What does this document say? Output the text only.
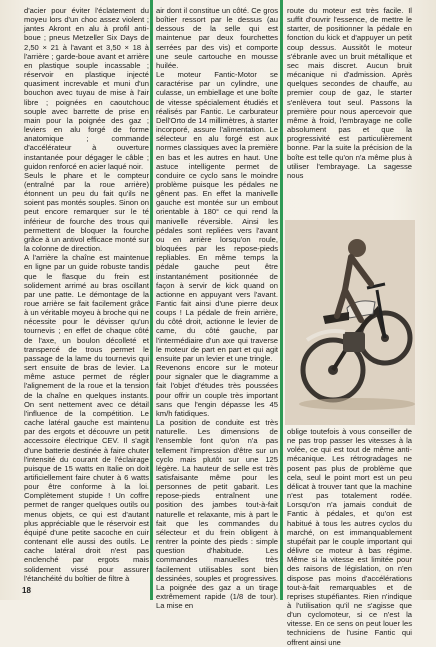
d'acier pour éviter l'éclatement du moyeu lors d'un choc assez violent ; jantes Akront en alu à profil anti-boue ; pneus Metzeller Six Days de 2,50 × 21 à l'avant et 3,50 × 18 à l'arrière ; garde-boue avant et arrière en plastique souple incassable ; réservoir en plastique injecté quasiment increvable et muni d'un bouchon avec tuyau de mise à l'air libre ; poignées en caoutchouc souple avec barrette de prise en main pour la poignée des gaz ; leviers en alu forgé de forme anatomique ; commande d'accélérateur à ouverture instantanée pour dégager le câble ; guidon renforcé en acier laqué noir.

Seuls le phare et le compteur (entraîné par la roue arrière) étonnent un peu du fait qu'ils ne soient pas montés souples. Sinon on peut encore remarquer sur le té inférieur de fourche des trous qui permettent de bloquer la fourche grâce à un antivol efficace monté sur la colonne de direction.

A l'arrière la chaîne est maintenue en ligne par un guide robuste tandis que le flasque du frein est solidement arrimé au bras oscillant par une patte. Le démontage de la roue arrière se fait facilement grâce à un véritable moyeu à broche qui ne nécessite pour le dévisser qu'un tournevis ; en effet de chaque côté de l'axe, un boulon décolleté et transpercé de trous permet le passage de la lame du tournevis qui sert ensuite de bras de levier. La même astuce permet de régler l'alignement de la roue et la tension de la chaîne en quelques instants. On sent nettement avec ce détail l'influence de la compétition. Le cache latéral gauche est maintenu par des ergots et découvre un petit accessoire électrique CEV. Il s'agit d'une batterie destinée à faire chuter l'intensité du courant de l'éclairage puisque de 15 watts en Italie on doit artificiellement faire chuter à 6 watts pour être conforme à la loi. Complètement stupide ! Un coffre permet de ranger quelques outils ou menus objets, ce qui est d'autant plus appréciable que le réservoir est équipé d'une petite sacoche en cuir contenant elle aussi des outils. Le cache latéral droit n'est pas enclenché par ergots mais solidement vissé pour assurer l'étanchéité du boîtier de filtre à

air dont il constitue un côté. Ce gros boîtier ressort par le dessus (au dessous de la selle qui est maintenue par deux fourchettes serrées par des vis) et comporte une seule cartouche en mousse huilée.

Le moteur Fantic-Motor se caractérise par un cylindre, une culasse, un embiellage et une boîte de vitesse spécialement étudiés et réalisés par Fantic. Le carburateur Dell'Orto de 14 millimètres, à starter incorporé, assure l'alimentation. Le sélecteur en alu forgé est aux normes classiques avec la première en bas et les autres en haut. Une astuce intelligente permet de conduire ce cyclo sans le moindre problème puisque les pédales ne gênent pas. En effet la manivelle gauche est montée sur un embout orientable à 180° ce qui rend la manivelle réversible. Ainsi les pédales sont repliées vers l'avant ou en arrière lorsqu'on roule, bloquées par les repose-pieds repliables. En même temps la pédale gauche peut être instantanément positionnée de façon à servir de kick quand on actionne en appuyant vers l'avant. Fantic fait ainsi d'une pierre deux coups ! La pédale de frein arrière, du côté droit, actionne le levier de came, du côté gauche, par l'intermédiaire d'un axe qui traverse le moteur de part en part et qui agit ensuite par un levier et une tringle.

Revenons encore sur le moteur pour signaler que le diagramme a fait l'objet d'études très poussées pour offrir un couple très important sans que l'engin dépasse les 45 km/h fatidiques.

La position de conduite est très naturelle. Les dimensions de l'ensemble font qu'on n'a pas tellement l'impression d'être sur un cyclo mais plutôt sur une 125 légère. La hauteur de selle est très satisfaisante même pour les personnes de petit gabarit. Les repose-pieds entraînent une position des jambes tout-à-fait naturelle et relaxante, mis à part le fait que les commandes du sélecteur et du frein obligent à rentrer la pointe des pieds : simple question d'habitude. Les commandes manuelles très facilement utilisables sont bien dessinées, souples et progressives. La poignée des gaz a un tirage extrêmement rapide (1/8 de tour). La mise en

route du moteur est très facile. Il suffit d'ouvrir l'essence, de mettre le starter, de positionner la pédale en fonction du kick et d'appuyer un petit coup dessus. Aussitôt le moteur s'ébranle avec un bruit métallique et sec mais discret. Aucun bruit mécanique ni d'admission. Après quelques secondes de chauffe, au premier coup de gaz, le starter s'enlèvera tout seul. Passons la première pour nous apercevoir que même à froid, l'embrayage ne colle absolument pas et que la progressivité est particulièrement bonne. Par la suite la précision de la boîte est telle qu'on n'a même plus à utiliser l'embrayage. La sagesse nous

oblige toutefois à vous conseiller de ne pas trop passer les vitesses à la volée, ce qui est tout de même anti-mécanique. Les rétrogradages ne posent pas plus de problème que cela, seul le point mort est un peu délicat à trouver tant que la machine n'est pas totalement rodée. Lorsqu'on n'a jamais conduit de Fantic à pédales, et qu'on est habitué à tous les autres cyclos du marché, on est immanquablement stupéfait par le couple important qui délivre ce moteur à bas régime. Même si la vitesse est limitée pour des raisons de législation, on n'en dispose pas moins d'accélérations tout-à-fait remarquables et de reprises stupéfiantes. Rien n'indique à l'utilisation qu'il ne s'agisse que d'un cyclomoteur, si ce n'est la vitesse. En ce sens on peut louer les techniciens de l'usine Fantic qui offrent ainsi une

18
